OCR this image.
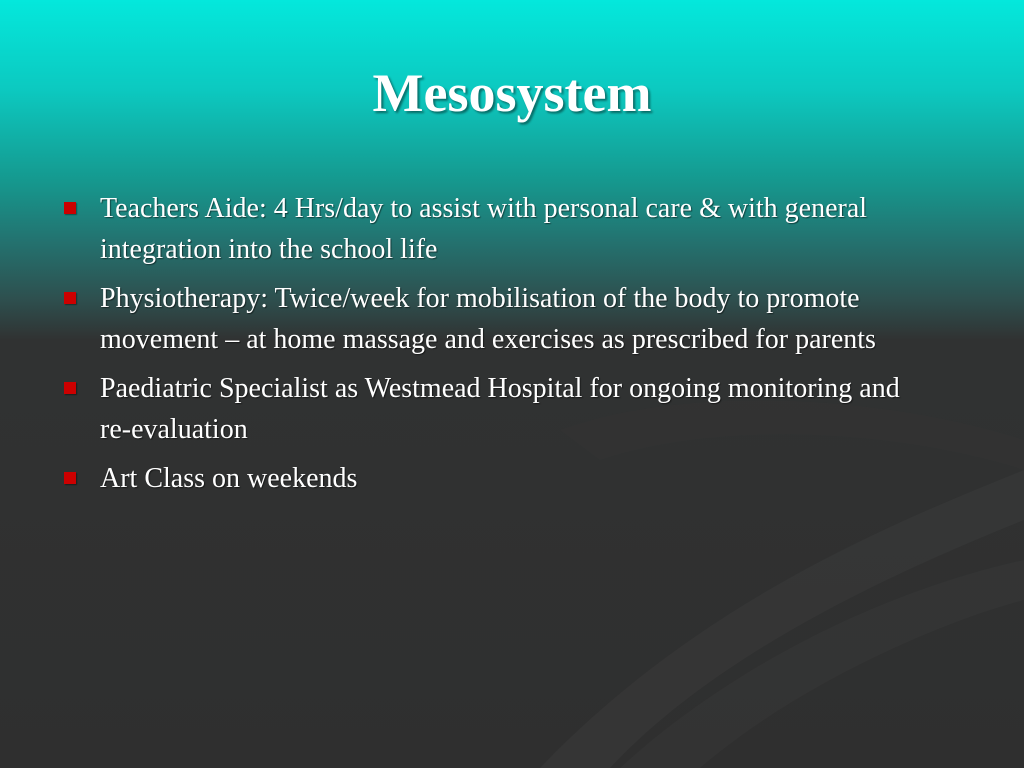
Mesosystem
Teachers Aide: 4 Hrs/day to assist with personal care & with general integration into the school life
Physiotherapy: Twice/week for mobilisation of the body to promote movement – at home massage and exercises as prescribed for parents
Paediatric Specialist as Westmead Hospital for ongoing monitoring and re-evaluation
Art Class on weekends
